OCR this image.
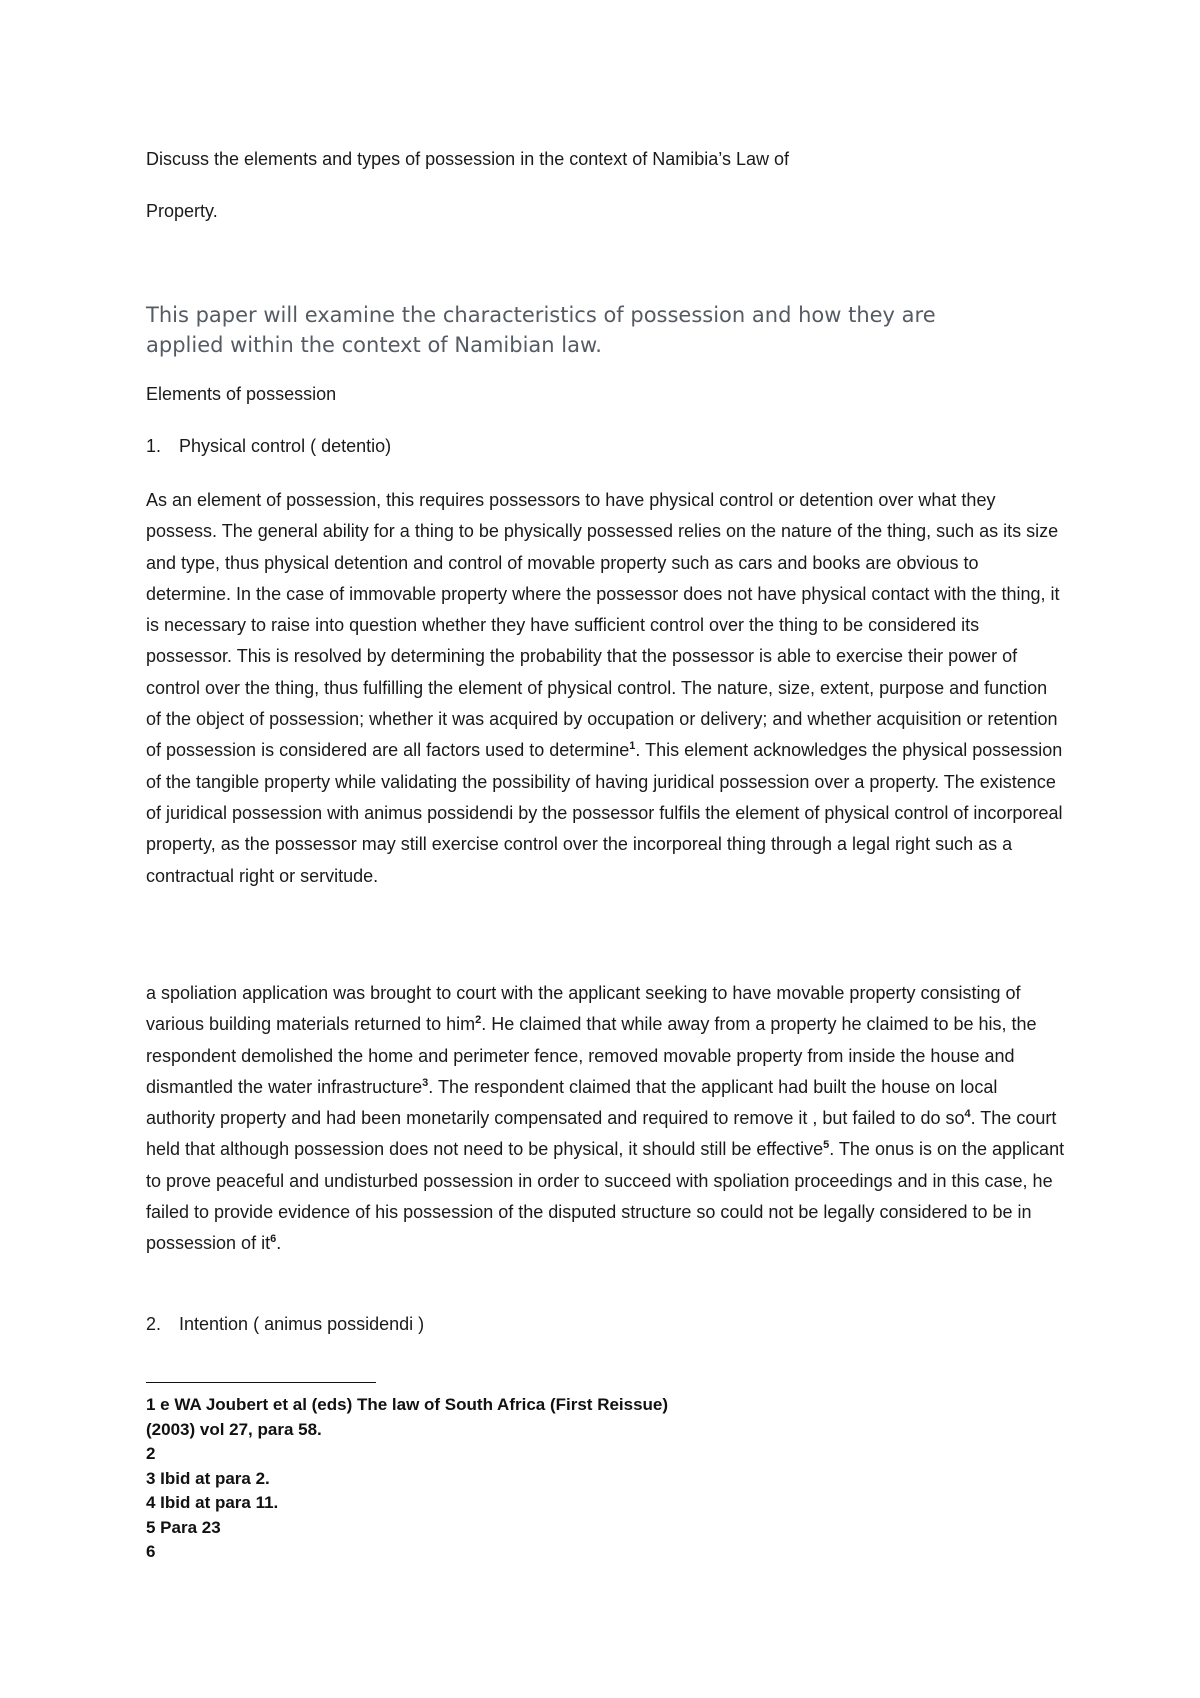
Discuss the elements and types of possession in the context of Namibia’s Law of
Property.
This paper will examine the characteristics of possession and how they are applied within the context of Namibian law.
Elements of possession
1. Physical control ( detentio)

As an element of possession, this requires possessors to have physical control or detention over what they possess. The general ability for a thing to be physically possessed relies on the nature of the thing, such as its size and type, thus physical detention and control of movable property such as cars and books are obvious to determine. In the case of immovable property where the possessor does not have physical contact with the thing, it is necessary to raise into question whether they have sufficient control over the thing to be considered its possessor. This is resolved by determining the probability that the possessor is able to exercise their power of control over the thing, thus fulfilling the element of physical control. The nature, size, extent, purpose and function of the object of possession; whether it was acquired by occupation or delivery; and whether acquisition or retention of possession is considered are all factors used to determine$^1$. This element acknowledges the physical possession of the tangible property while validating the possibility of having juridical possession over a property. The existence of juridical possession with animus possidendi by the possessor fulfils the element of physical control of incorporeal property, as the possessor may still exercise control over the incorporeal thing through a legal right such as a contractual right or servitude.

a spoliation application was brought to court with the applicant seeking to have movable property consisting of various building materials returned to him$^2$. He claimed that while away from a property he claimed to be his, the respondent demolished the home and perimeter fence, removed movable property from inside the house and dismantled the water infrastructure$^3$. The respondent claimed that the applicant had built the house on local authority property and had been monetarily compensated and required to remove it , but failed to do $so^4$. The court held that although possession does not need to be physical, it should still be effective$^5$. The onus is on the applicant to prove peaceful and undisturbed possession in order to succeed with spoliation proceedings and in this case, he failed to provide evidence of his possession of the disputed structure so could not be legally considered to be in possession of $it^6$.

2. Intention ( animus possidendi )
1 e WA Joubert et al (eds) The law of South Africa (First Reissue)
(2003) vol 27, para 58.
2
3 Ibid at para 2.
4 Ibid at para 11.
5 Para 23
6
